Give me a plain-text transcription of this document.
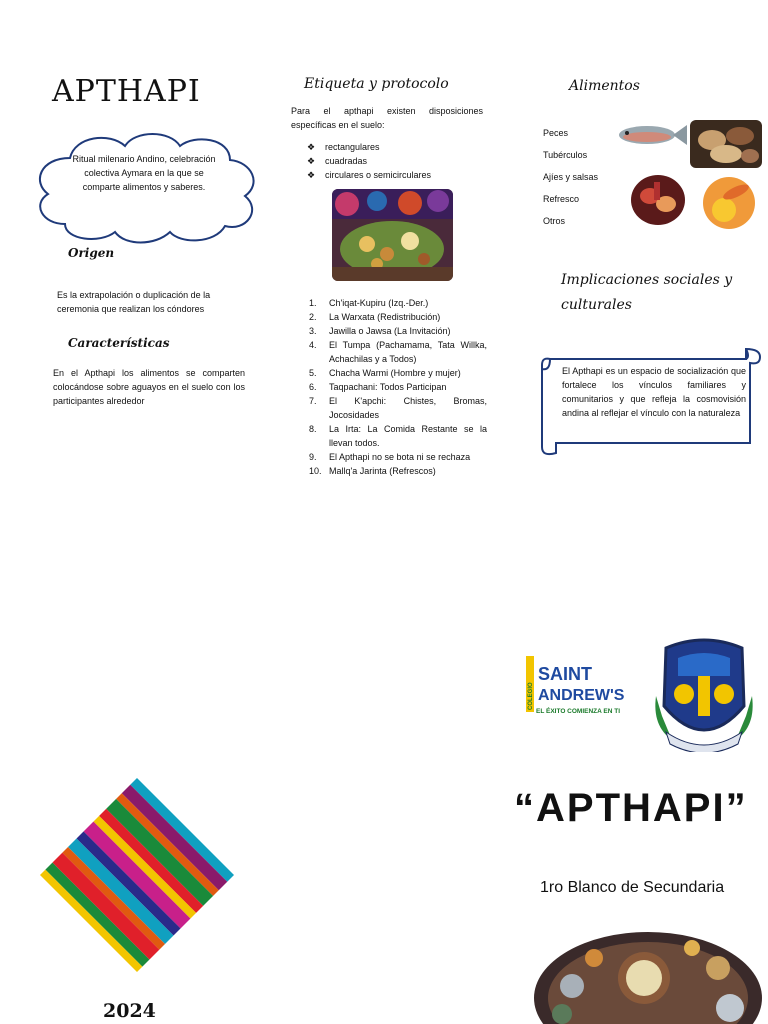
APTHAPI
Ritual milenario Andino, celebración colectiva Aymara en la que se comparte alimentos y saberes.
Origen
Es la extrapolación o duplicación de la ceremonia que realizan los cóndores
Características
En el Apthapi los alimentos se comparten colocándose sobre aguayos en el suelo con los participantes alrededor
Etiqueta y protocolo
Para el apthapi existen disposiciones específicas en el suelo:
❖ rectangulares
❖ cuadradas
❖ circulares o semicirculares
1.	Ch'iqat-Kupiru (Izq.-Der.)
2.	La Warxata (Redistribución)
3.	Jawilla o Jawsa (La Invitación)
4.	El Tumpa (Pachamama, Tata Willka, Achachilas y a Todos)
5.	Chacha Warmi (Hombre y mujer)
6.	Taqpachani: Todos Participan
7.	El K'apchi: Chistes, Bromas, Jocosidades
8.	La Irta: La Comida Restante se la llevan todos.
9.	El Apthapi no se bota ni se rechaza
10. Mallq'a Jarinta (Refrescos)
Alimentos
Peces
Tubérculos
Ajíes y salsas
Refresco
Otros
Implicaciones sociales y culturales
El Apthapi es un espacio de socialización que fortalece los vínculos familiares y comunitarios y que refleja la cosmovisión andina al reflejar el vínculo con la naturaleza
COLEGIO
SAINT
ANDREW'S
EL ÉXITO COMIENZA EN TI
“APTHAPI”
1ro Blanco de Secundaria
2024
